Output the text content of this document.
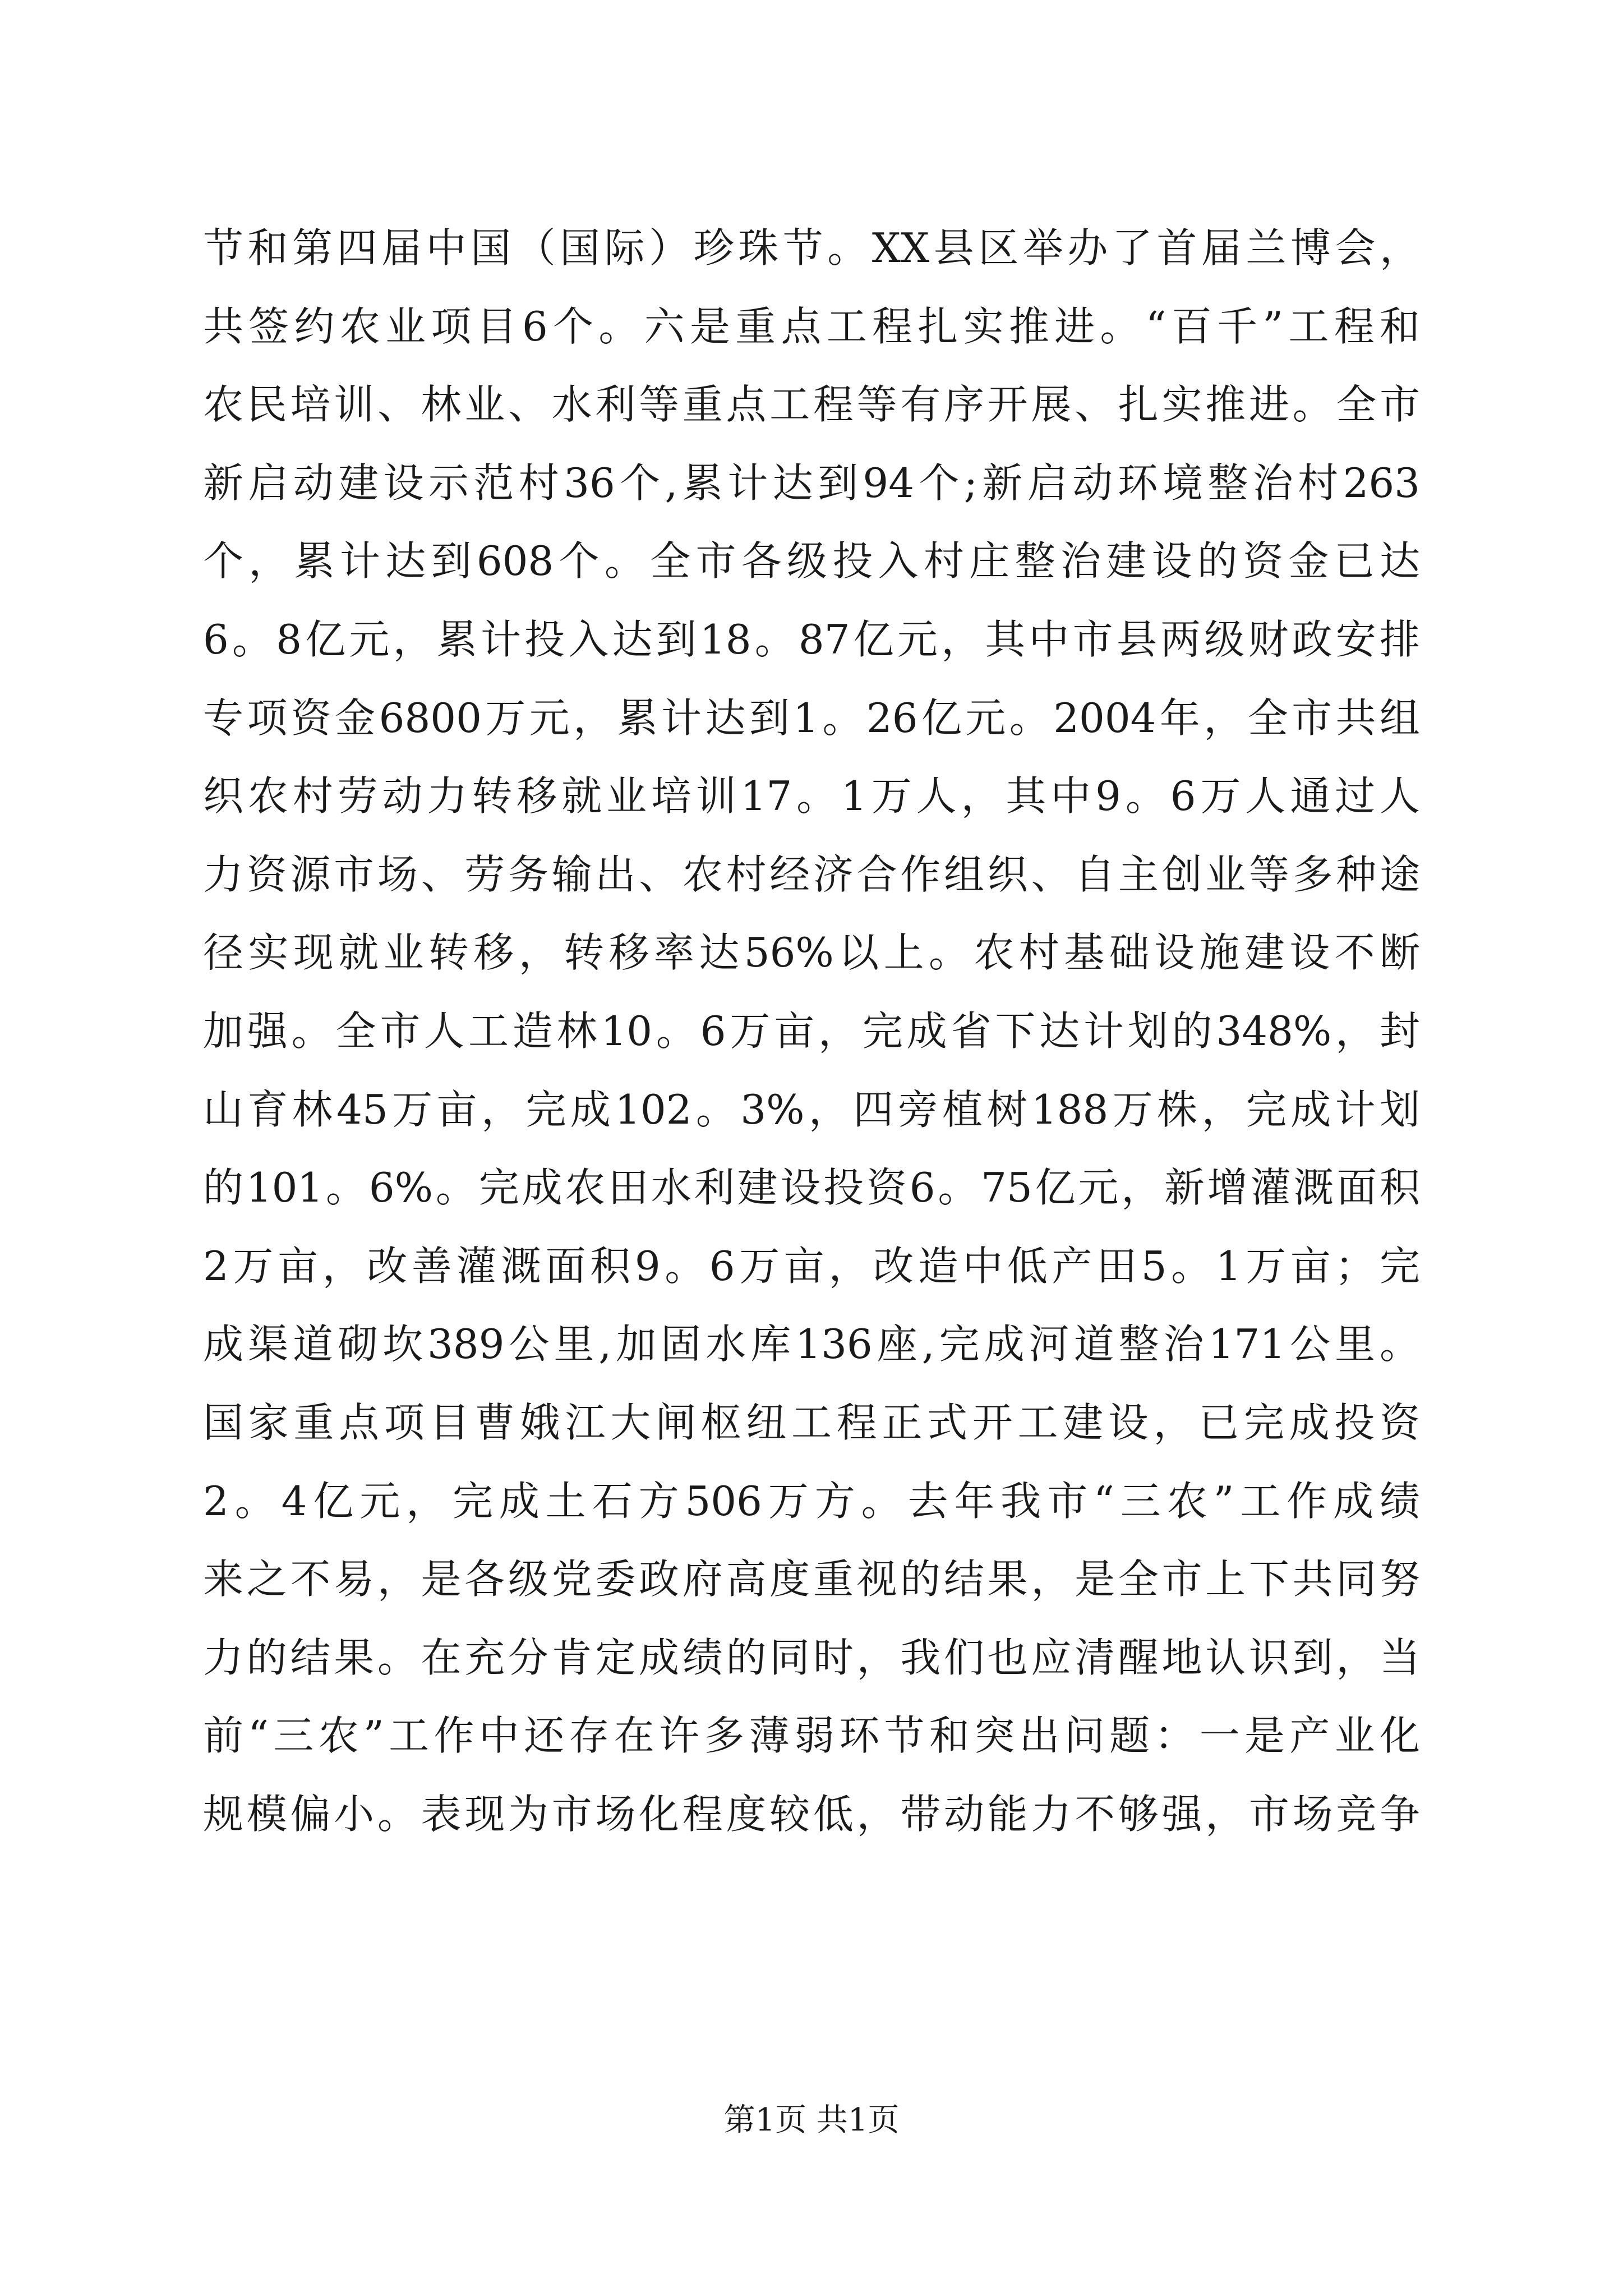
节和第四届中国（国际）珍珠节。XX县区举办了首届兰博会，
共签约农业项目6个。六是重点工程扎实推进。“百千”工程和
农民培训、林业、水利等重点工程等有序开展、扎实推进。全市
新启动建设示范村36个,累计达到94个;新启动环境整治村263
个，累计达到608个。全市各级投入村庄整治建设的资金已达
6。8亿元，累计投入达到18。87亿元，其中市县两级财政安排
专项资金6800万元，累计达到1。26亿元。2004年，全市共组
织农村劳动力转移就业培训17。1万人，其中9。6万人通过人
力资源市场、劳务输出、农村经济合作组织、自主创业等多种途
径实现就业转移，转移率达56%以上。农村基础设施建设不断
加强。全市人工造林10。6万亩，完成省下达计划的348%，封
山育林45万亩，完成102。3%，四旁植树188万株，完成计划
的101。6%。完成农田水利建设投资6。75亿元，新增灌溉面积
2万亩，改善灌溉面积9。6万亩，改造中低产田5。1万亩；完
成渠道砌坎389公里,加固水库136座,完成河道整治171公里。
国家重点项目曹娥江大闸枢纽工程正式开工建设，已完成投资
2。4亿元，完成土石方506万方。去年我市“三农”工作成绩
来之不易，是各级党委政府高度重视的结果，是全市上下共同努
力的结果。在充分肯定成绩的同时，我们也应清醒地认识到，当
前“三农”工作中还存在许多薄弱环节和突出问题：一是产业化
规模偏小。表现为市场化程度较低，带动能力不够强，市场竞争
第1页 共1页
